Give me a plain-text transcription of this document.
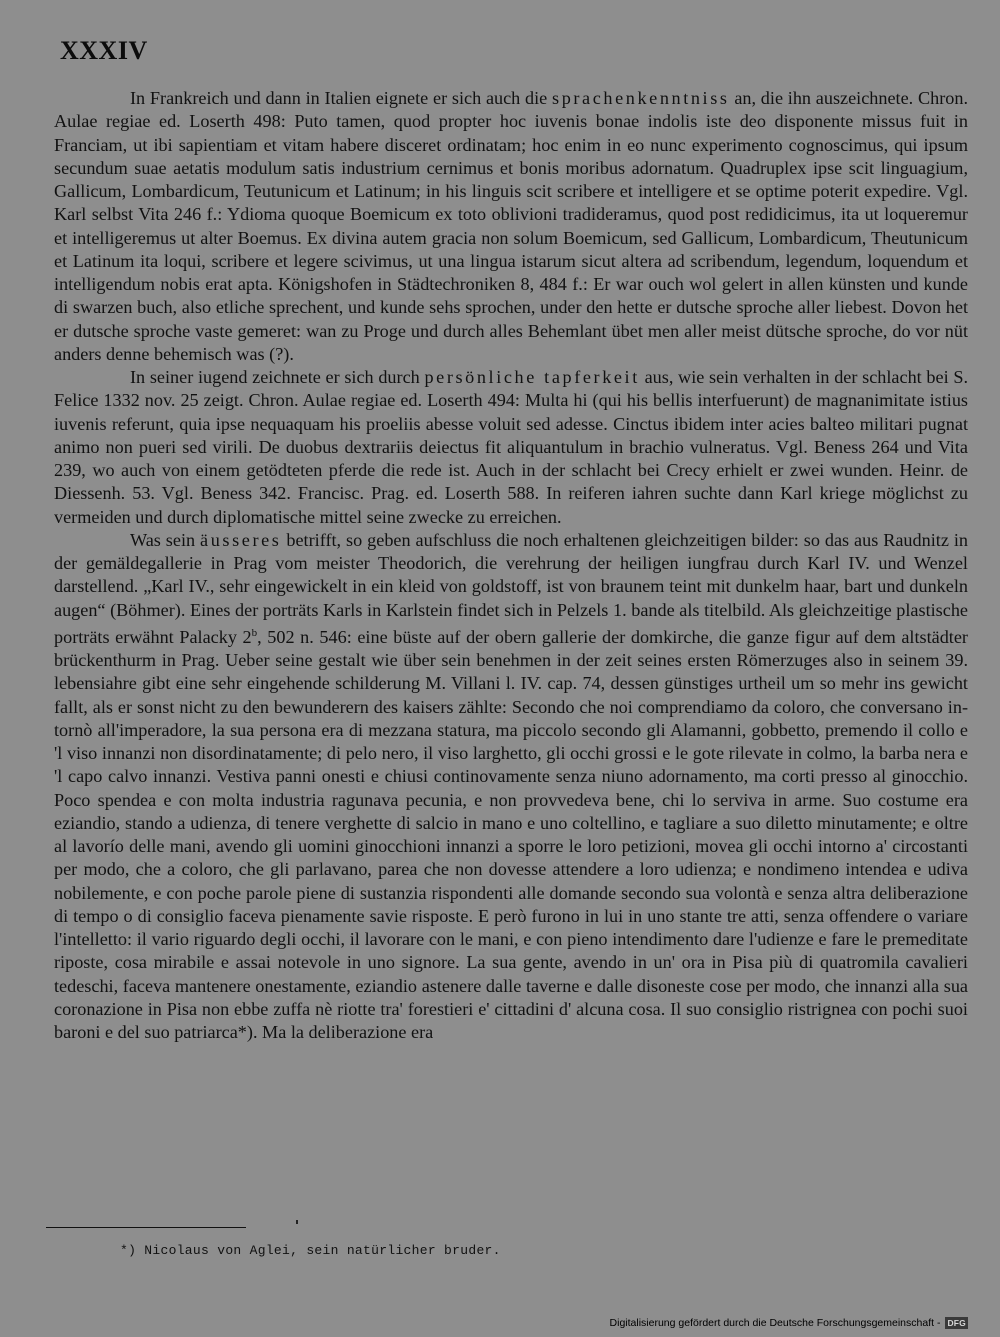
XXXIV

In Frankreich und dann in Italien eignete er sich auch die sprachenkenntniss an, die ihn auszeichnete. Chron. Aulae regiae ed. Loserth 498: Puto tamen, quod propter hoc iuvenis bonae indolis iste deo disponente missus fuit in Franciam, ut ibi sapientiam et vitam habere disceret ordinatam; hoc enim in eo nunc experimento cognoscimus, qui ipsum secundum suae aetatis modulum satis industrium cernimus et bonis moribus adornatum. Quadruplex ipse scit linguagium, Gallicum, Lombardicum, Teutunicum et Latinum; in his linguis scit scribere et intelligere et se optime poterit expedire. Vgl. Karl selbst Vita 246 f.: Ydioma quoque Boemicum ex toto oblivioni tradideramus, quod post redidicimus, ita ut loqueremur et intelligeremus ut alter Boemus. Ex divina autem gracia non solum Boemicum, sed Gallicum, Lombardicum, Theutunicum et Latinum ita loqui, scribere et legere scivimus, ut una lingua istarum sicut altera ad scribendum, legendum, loquendum et intelligendum nobis erat apta. Königshofen in Städtechroniken 8, 484 f.: Er war ouch wol gelert in allen künsten und kunde di swarzen buch, also etliche sprechent, und kunde sehs sprochen, under den hette er dutsche sproche aller liebest. Dovon het er dutsche sproche vaste gemeret: wan zu Proge und durch alles Behemlant übet men aller meist dütsche sproche, do vor nüt anders denne behemisch was (?).

In seiner iugend zeichnete er sich durch persönliche tapferkeit aus, wie sein verhalten in der schlacht bei S. Felice 1332 nov. 25 zeigt. Chron. Aulae regiae ed. Loserth 494: Multa hi (qui his bellis interfuerunt) de magnanimitate istius iuvenis referunt, quia ipse nequaquam his proeliis abesse voluit sed adesse. Cinctus ibidem inter acies balteo militari pugnat animo non pueri sed virili. De duobus dextrariis deiectus fit aliquantulum in brachio vulneratus. Vgl. Beness 264 und Vita 239, wo auch von einem getödteten pferde die rede ist. Auch in der schlacht bei Crecy erhielt er zwei wunden. Heinr. de Diessenh. 53. Vgl. Beness 342. Francisc. Prag. ed. Loserth 588. In reiferen iahren suchte dann Karl kriege möglichst zu vermeiden und durch diplomatische mittel seine zwecke zu erreichen.

Was sein äusseres betrifft, so geben aufschluss die noch erhaltenen gleichzeitigen bilder: so das aus Raudnitz in der gemäldegallerie in Prag vom meister Theodorich, die verehrung der heiligen iungfrau durch Karl IV. und Wenzel darstellend. „Karl IV., sehr eingewickelt in ein kleid von goldstoff, ist von braunem teint mit dunkelm haar, bart und dunkeln augen“ (Böhmer). Eines der porträts Karls in Karlstein findet sich in Pelzels 1. bande als titelbild. Als gleichzeitige plastische porträts erwähnt Palacky 2$^b$, 502 n. 546: eine büste auf der obern gallerie der domkirche, die ganze figur auf dem altstädter brückenthurm in Prag. Ueber seine gestalt wie über sein benehmen in der zeit seines ersten Römerzuges also in seinem 39. lebensiahre gibt eine sehr eingehende schilderung M. Villani l. IV. cap. 74, dessen günstiges urtheil um so mehr ins gewicht fallt, als er sonst nicht zu den bewunderern des kaisers zählte: Secondo che noi comprendiamo da coloro, che conversano intornò all'imperadore, la sua persona era di mezzana statura, ma piccolo secondo gli Alamanni, gobbetto, premendo il collo e 'l viso innanzi non disordinatamente; di pelo nero, il viso larghetto, gli occhi grossi e le gote rilevate in colmo, la barba nera e 'l capo calvo innanzi. Vestiva panni onesti e chiusi continovamente senza niuno adornamento, ma corti presso al ginocchio. Poco spendea e con molta industria ragunava pecunia, e non provvedeva bene, chi lo serviva in arme. Suo costume era eziandio, stando a udienza, di tenere verghette di salcio in mano e uno coltellino, e tagliare a suo diletto minutamente; e oltre al lavorío delle mani, avendo gli uomini ginocchioni innanzi a sporre le loro petizioni, movea gli occhi intorno a' circostanti per modo, che a coloro, che gli parlavano, parea che non dovesse attendere a loro udienza; e nondimeno intendea e udiva nobilemente, e con poche parole piene di sustanzia rispondenti alle domande secondo sua volontà e senza altra deliberazione di tempo o di consiglio faceva pienamente savie risposte. E però furono in lui in uno stante tre atti, senza offendere o variare l'intelletto: il vario riguardo degli occhi, il lavorare con le mani, e con pieno intendimento dare l'udienze e fare le premeditate riposte, cosa mirabile e assai notevole in uno signore. La sua gente, avendo in un' ora in Pisa più di quatromila cavalieri tedeschi, faceva mantenere onestamente, eziandio astenere dalle taverne e dalle disoneste cose per modo, che innanzi alla sua coronazione in Pisa non ebbe zuffa nè riotte tra' forestieri e' cittadini d' alcuna cosa. Il suo consiglio ristrignea con pochi suoi baroni e del suo patriarca*). Ma la deliberazione era

*) Nicolaus von Aglei, sein natürlicher bruder.
Digitalisierung gefördert durch die Deutsche Forschungsgemeinschaft - DFG
